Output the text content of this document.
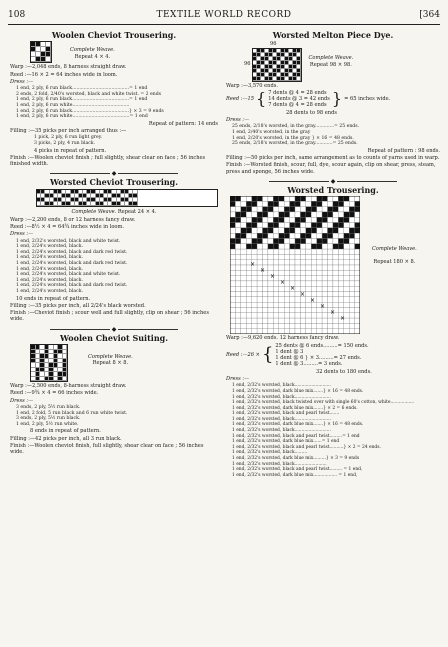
108	TEXTILE WORLD RECORD	[364
Woolen Cheviot Trousering.
Complete Weave.
Repeat 4 × 4.
Warp :—2,048 ends, 8 harness straight draw.
Reed :—16 × 2 = 64 inches wide in loom.
Dress :—
1 end, 2 ply, 6 run black.......................................= 1 end
2 ends, 2 fold, 2/40's worsted, black and white twist. = 2 ends
1 end, 2 ply, 6 run black.......................................= 1 end
1 end, 2 ply, 6 run white.......................................
1 end, 2 ply, 6 run black.......................................} × 3 = 9 ends
1 end, 2 ply, 6 run white.......................................= 1 end
Repeat of pattern: 14 ends
Filling :—35 picks per inch arranged thus :—
1 pick, 2 ply, 6 run light grey.
3 picks, 2 ply, 4 run black.
4 picks in repeat of pattern.
Finish :—Woolen cheviot finish ; full slightly, shear clear on face ; 56 inches finished width.
◆
Worsted Cheviot Trousering.
Complete Weave. Repeat 24 × 4.
Warp :—2,200 ends, 8 or 12 harness fancy draw.
Reed :—8½ × 4 = 64¾ inches wide in loom.
Dress :—
1 end, 2/32's worsted, black and white twist.
1 end, 2/24's worsted, black.
1 end, 2/24's worsted, black and dark red twist.
1 end, 2/24's worsted, black.
1 end, 2/24's worsted, black and dark red twist.
1 end, 2/24's worsted, black.
1 end, 2/24's worsted, black and white twist.
1 end, 2/24's worsted, black.
1 end, 2/24's worsted, black and dark red twist.
1 end, 2/24's worsted, black.
10 ends in repeat of pattern.
Filling :—35 picks per inch, all 2/24's black worsted.
Finish :—Cheviot finish ; scour well and full slightly, clip on shear ; 56 inches wide.
◆
Woolen Cheviot Suiting.
Complete Weave.
Repeat 8 × 8.
Warp :—2,500 ends, 8-harness straight draw.
Reed :—9¾ × 4 = 66 inches wide.
Dress :—
3 ends, 2 ply, 5½ run black.
1 end, 2 fold, 5 run black and 6 run white twist.
3 ends, 2 ply, 5½ run black.
1 end, 2 ply, 5½ run white.
8 ends in repeat of pattern.
Filling :—42 picks per inch, all 3 run black.
Finish :—Woolen cheviot finish, full slightly, shear clear on face ; 56 inches wide.
Worsted Melton Piece Dye.
96
96
Complete Weave.
Repeat 98 × 98.
Warp :—3,570 ends.
Reed :—15 { 7 dents @ 4 = 28 ends
14 dents @ 3 = 42 ends
7 dents @ 4 = 28 ends } = 65 inches wide.
28 dents to 98 ends
Dress :—
25 ends, 2/18's worsted, in the gray.............= 25 ends.
1 end, 2/40's worsted, in the gray
1 end, 2/20's worsted, in the gray } × 16 = 48 ends.
25 ends, 2/18's worsted, in the gray............= 25 ends.
Repeat of pattern : 98 ends.
Filling :—50 picks per inch, same arrangement as to counts of yarns used in warp.
Finish :—Worsted finish, scour, full, dye, scour again, clip on shear, press, steam, press and sponge, 56 inches wide.
◆
Worsted Trousering.
×
×
×
×
×
×
×
×
×
×
Complete Weave.
Repeat 180 × 8.
Warp :—9,620 ends. 12 harness fancy draw.
Reed :—26 × { 25 dents @ 6 ends.........= 150 ends.
1 dent @ 3
1 dent @ 6 } × 3.........= 27 ends.
1 dent @ 3.........= 3 ends.
32 dents to 180 ends.
Dress :—
1 end, 2/32's worsted, black..........................
1 end, 2/32's worsted, dark blue mix.......} × 16 = 48 ends.
1 end, 2/32's worsted, black..........................
1 end, 2/32's worsted, black twisted over with single 60's cotton, white.................
1 end, 2/32's worsted, dark blue mix.......} × 2 = 6 ends.
1 end, 2/32's worsted, black and pearl twist.......
1 end, 2/32's worsted, black..........................
1 end, 2/32's worsted, dark blue mix.......} × 16 = 48 ends.
1 end, 2/32's worsted, black..........................
1 end, 2/32's worsted, black and pearl twist.........= 1 end
1 end, 2/32's worsted, dark blue mix......= 1 end
1 end, 2/32's worsted, black and pearl twist..........} × 2 = 24 ends.
1 end, 2/32's worsted, black.........
1 end, 2/32's worsted, dark blue mix.........} × 3 = 9 ends
1 end, 2/32's worsted, black.......................
1 end, 2/32's worsted, black and pearl twist......... = 1 end,
1 end, 2/32's worsted, dark blue mix................. = 1 end,
